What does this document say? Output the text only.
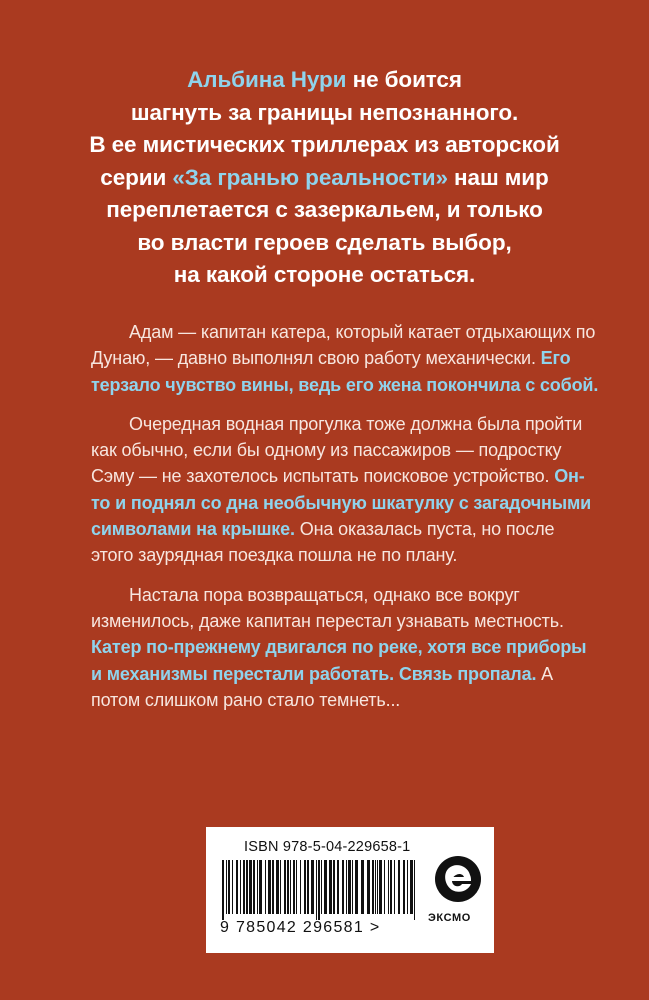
Альбина Нури не боится
шагнуть за границы непознанного.
В ее мистических триллерах из авторской
серии «За гранью реальности» наш мир
переплетается с зазеркальем, и только
во власти героев сделать выбор,
на какой стороне остаться.

Адам — капитан катера, который катает отдыхающих по Дунаю, — давно выполнял свою работу механически. Его терзало чувство вины, ведь его жена покончила с собой.

Очередная водная прогулка тоже должна была пройти как обычно, если бы одному из пассажиров — подростку Сэму — не захотелось испытать поисковое устройство. Он-то и поднял со дна необычную шкатулку с загадочными символами на крышке. Она оказалась пуста, но после этого заурядная поездка пошла не по плану.

Настала пора возвращаться, однако все вокруг изменилось, даже капитан перестал узнавать местность. Катер по-прежнему двигался по реке, хотя все приборы и механизмы перестали работать. Связь пропала. А потом слишком рано стало темнеть...

ISBN 978-5-04-229658-1
9 785042 296581 >
ЭКСМО
